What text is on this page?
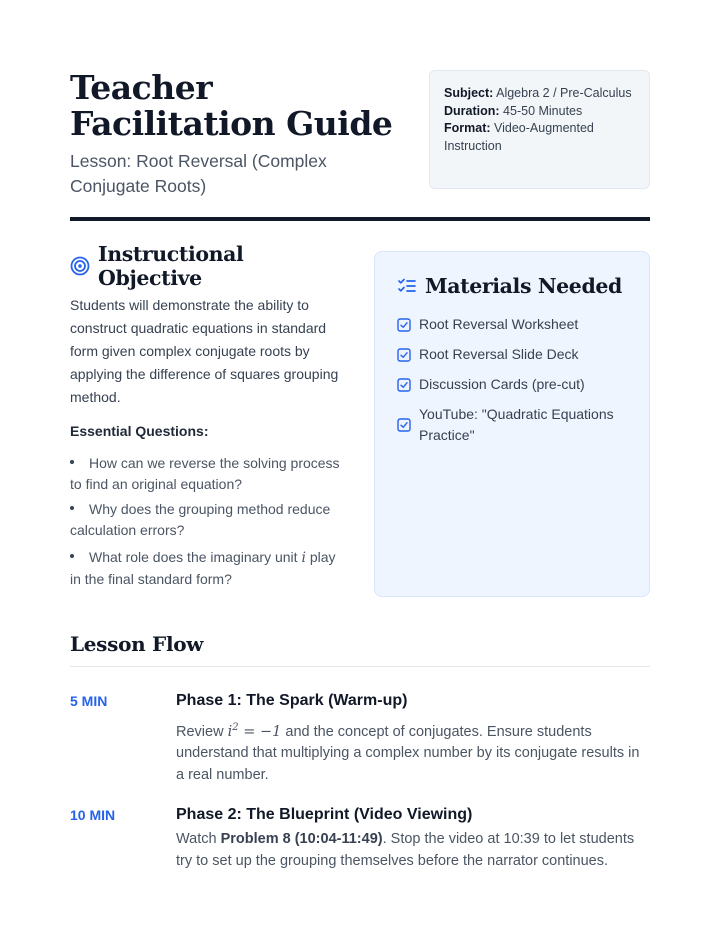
Teacher Facilitation Guide
Lesson: Root Reversal (Complex Conjugate Roots)
Subject: Algebra 2 / Pre-Calculus
Duration: 45-50 Minutes
Format: Video-Augmented Instruction
Instructional Objective

Students will demonstrate the ability to construct quadratic equations in standard form given complex conjugate roots by applying the difference of squares grouping method.

Essential Questions:
How can we reverse the solving process to find an original equation?
Why does the grouping method reduce calculation errors?
What role does the imaginary unit i play in the final standard form?
Materials Needed
Root Reversal Worksheet
Root Reversal Slide Deck
Discussion Cards (pre-cut)
YouTube: "Quadratic Equations Practice"
Lesson Flow
5 MIN	Phase 1: The Spark (Warm-up)
Review $i^2 = -1$ and the concept of conjugates. Ensure students understand that multiplying a complex number by its conjugate results in a real number.
10 MIN	Phase 2: The Blueprint (Video Viewing)
Watch Problem 8 (10:04-11:49). Stop the video at 10:39 to let students try to set up the grouping themselves before the narrator continues.
